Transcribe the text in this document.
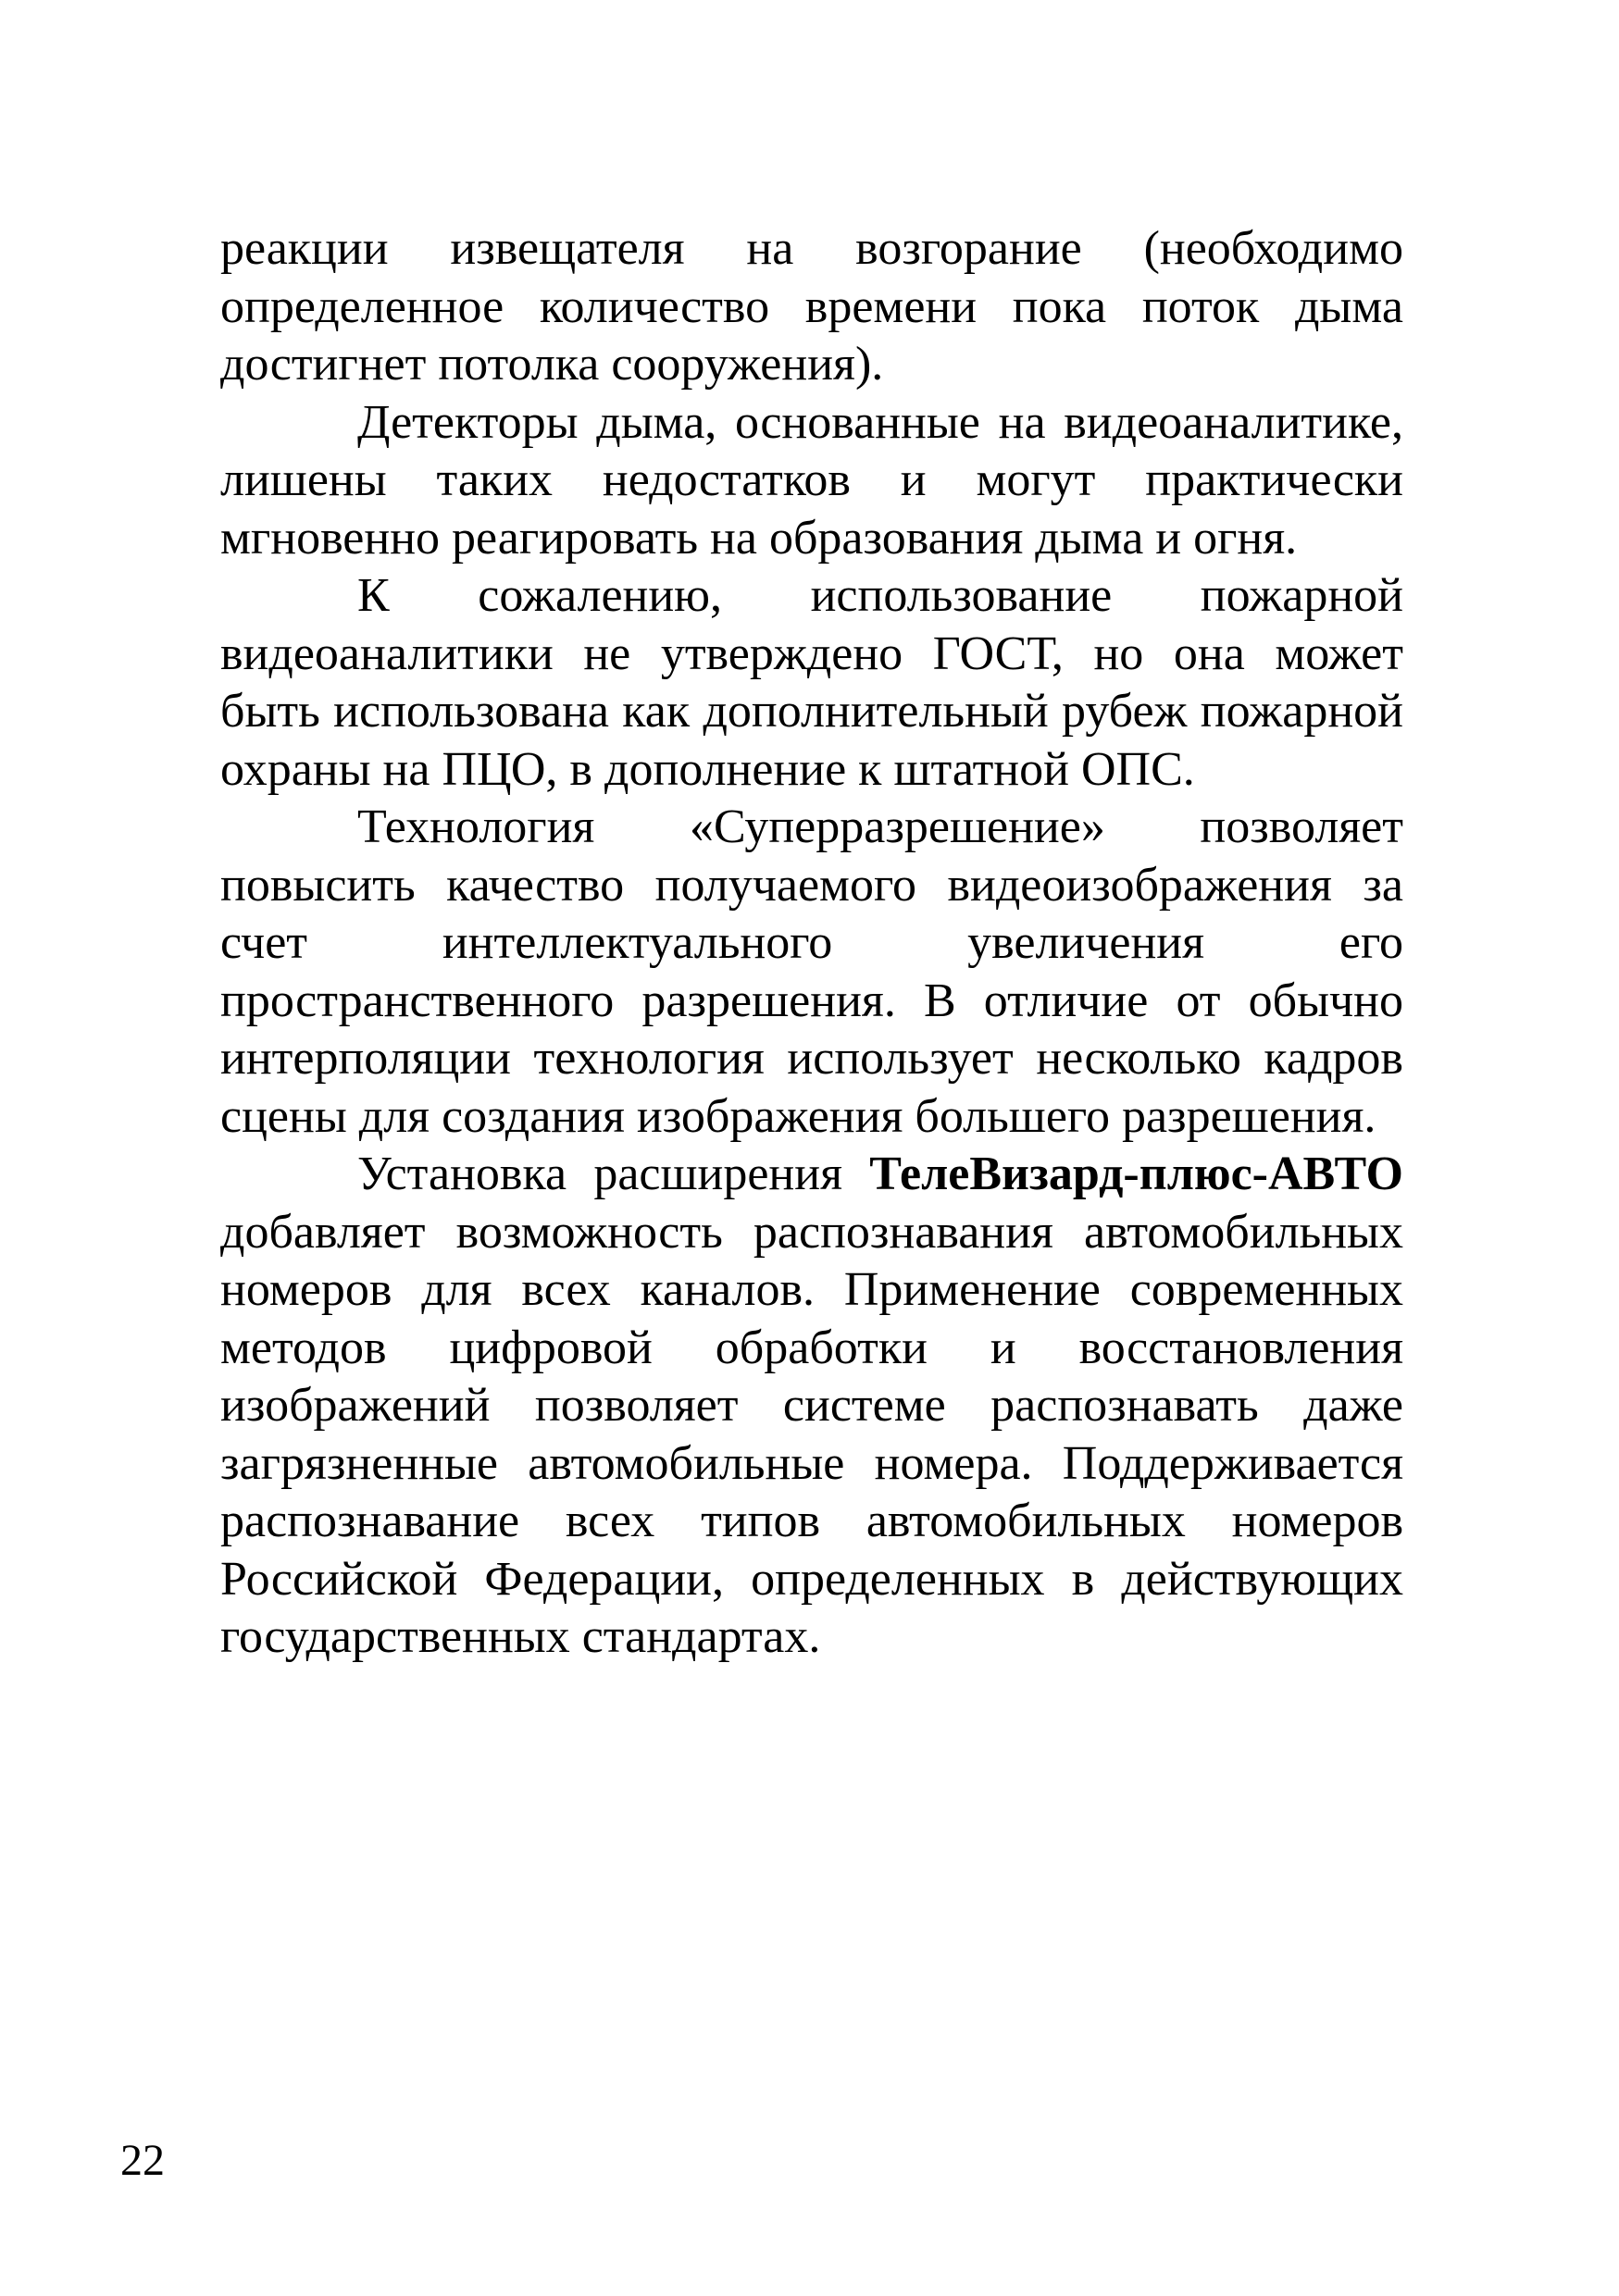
реакции извещателя на возгорание (необходимо определенное количество времени пока поток дыма достигнет потолка сооружения).

Детекторы дыма, основанные на видеоаналитике, лишены таких недостатков и могут практически мгновенно реагировать на образования дыма и огня.

К сожалению, использование пожарной видеоаналитики не утверждено ГОСТ, но она может быть использована как дополнительный рубеж пожарной охраны на ПЦО, в дополнение к штатной ОПС.

Технология «Суперразрешение» позволяет повысить качество получаемого видеоизображения за счет интеллектуального увеличения его пространственного разрешения. В отличие от обычно интерполяции технология использует несколько кадров сцены для создания изображения большего разрешения.

Установка расширения ТелеВизард-плюс-АВТО добавляет возможность распознавания автомобильных номеров для всех каналов. Применение современных методов цифровой обработки и восстановления изображений позволяет системе распознавать даже загрязненные автомобильные номера. Поддерживается распознавание всех типов автомобильных номеров Российской Федерации, определенных в действующих государственных стандартах.

22
